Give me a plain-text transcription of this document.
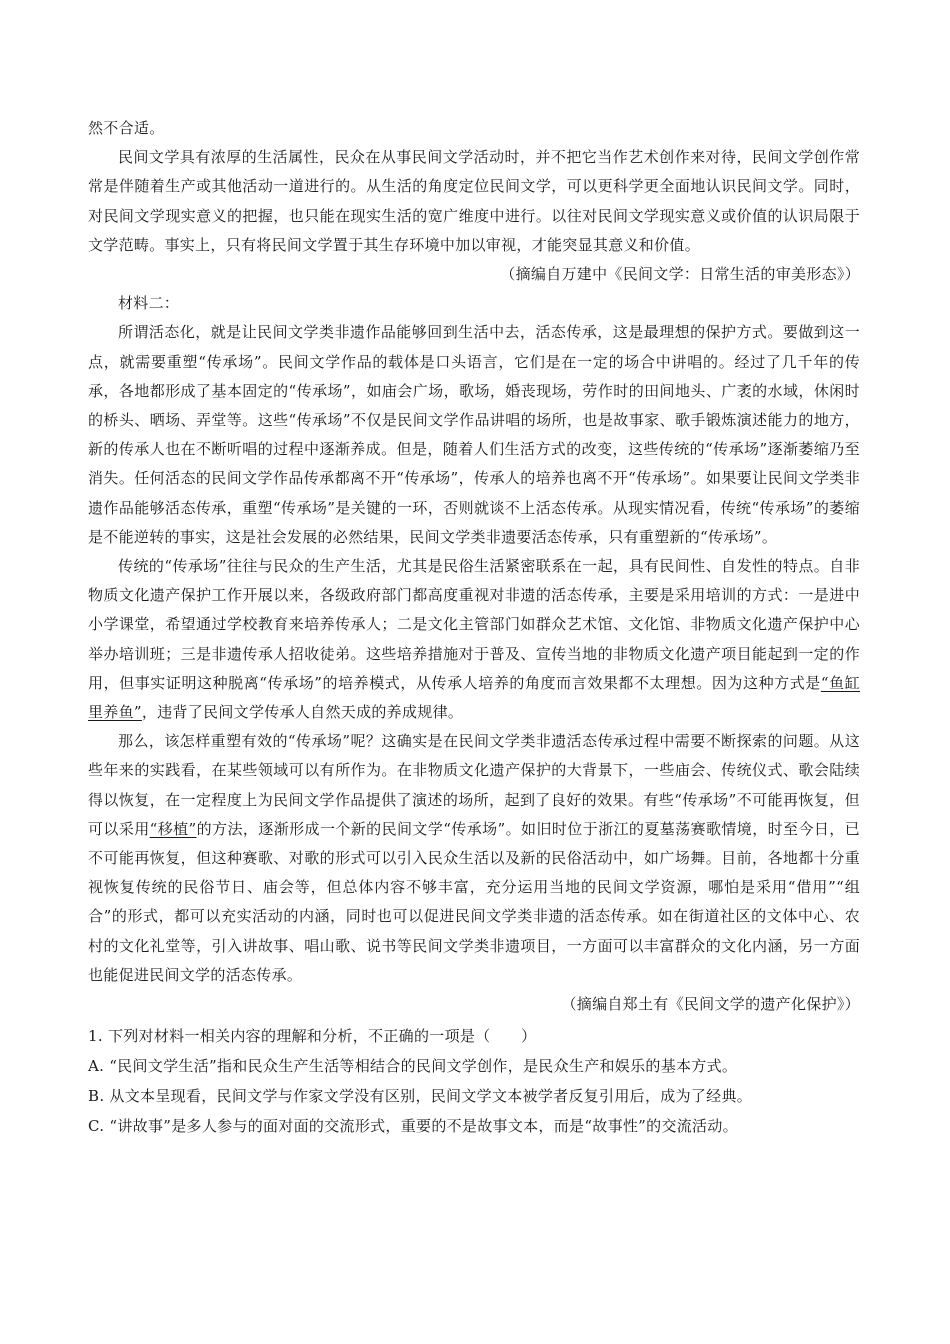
然不合适。

民间文学具有浓厚的生活属性，民众在从事民间文学活动时，并不把它当作艺术创作来对待，民间文学创作常常是伴随着生产或其他活动一道进行的。从生活的角度定位民间文学，可以更科学更全面地认识民间文学。同时，对民间文学现实意义的把握，也只能在现实生活的宽广维度中进行。以往对民间文学现实意义或价值的认识局限于文学范畴。事实上，只有将民间文学置于其生存环境中加以审视，才能突显其意义和价值。

（摘编自万建中《民间文学：日常生活的审美形态》）

材料二：

所谓活态化，就是让民间文学类非遗作品能够回到生活中去，活态传承，这是最理想的保护方式。要做到这一点，就需要重塑“传承场”。民间文学作品的载体是口头语言，它们是在一定的场合中讲唱的。经过了几千年的传承，各地都形成了基本固定的“传承场”，如庙会广场，歌场，婚丧现场，劳作时的田间地头、广袤的水域，休闲时的桥头、晒场、弄堂等。这些“传承场”不仅是民间文学作品讲唱的场所，也是故事家、歌手锻炼演述能力的地方，新的传承人也在不断听唱的过程中逐渐养成。但是，随着人们生活方式的改变，这些传统的“传承场”逐渐萎缩乃至消失。任何活态的民间文学作品传承都离不开“传承场”，传承人的培养也离不开“传承场”。如果要让民间文学类非遗作品能够活态传承，重塑“传承场”是关键的一环，否则就谈不上活态传承。从现实情况看，传统“传承场”的萎缩是不能逆转的事实，这是社会发展的必然结果，民间文学类非遗要活态传承，只有重塑新的“传承场”。

传统的“传承场”往往与民众的生产生活，尤其是民俗生活紧密联系在一起，具有民间性、自发性的特点。自非物质文化遗产保护工作开展以来，各级政府部门都高度重视对非遗的活态传承，主要是采用培训的方式：一是进中小学课堂，希望通过学校教育来培养传承人；二是文化主管部门如群众艺术馆、文化馆、非物质文化遗产保护中心举办培训班；三是非遗传承人招收徒弟。这些培养措施对于普及、宣传当地的非物质文化遗产项目能起到一定的作用，但事实证明这种脱离“传承场”的培养模式，从传承人培养的角度而言效果都不太理想。因为这种方式是“鱼缸里养鱼”，违背了民间文学传承人自然天成的养成规律。

那么，该怎样重塑有效的“传承场”呢？这确实是在民间文学类非遗活态传承过程中需要不断探索的问题。从这些年来的实践看，在某些领域可以有所作为。在非物质文化遗产保护的大背景下，一些庙会、传统仪式、歌会陆续得以恢复，在一定程度上为民间文学作品提供了演述的场所，起到了良好的效果。有些“传承场”不可能再恢复，但可以采用“移植”的方法，逐渐形成一个新的民间文学“传承场”。如旧时位于浙江的夏墓荡赛歌情境，时至今日，已不可能再恢复，但这种赛歌、对歌的形式可以引入民众生活以及新的民俗活动中，如广场舞。目前，各地都十分重视恢复传统的民俗节日、庙会等，但总体内容不够丰富，充分运用当地的民间文学资源，哪怕是采用“借用”“组合”的形式，都可以充实活动的内涵，同时也可以促进民间文学类非遗的活态传承。如在街道社区的文体中心、农村的文化礼堂等，引入讲故事、唱山歌、说书等民间文学类非遗项目，一方面可以丰富群众的文化内涵，另一方面也能促进民间文学的活态传承。

（摘编自郑土有《民间文学的遗产化保护》）

1. 下列对材料一相关内容的理解和分析，不正确的一项是（　　）

A. “民间文学生活”指和民众生产生活等相结合的民间文学创作，是民众生产和娱乐的基本方式。

B. 从文本呈现看，民间文学与作家文学没有区别，民间文学文本被学者反复引用后，成为了经典。

C. “讲故事”是多人参与的面对面的交流形式，重要的不是故事文本，而是“故事性”的交流活动。
